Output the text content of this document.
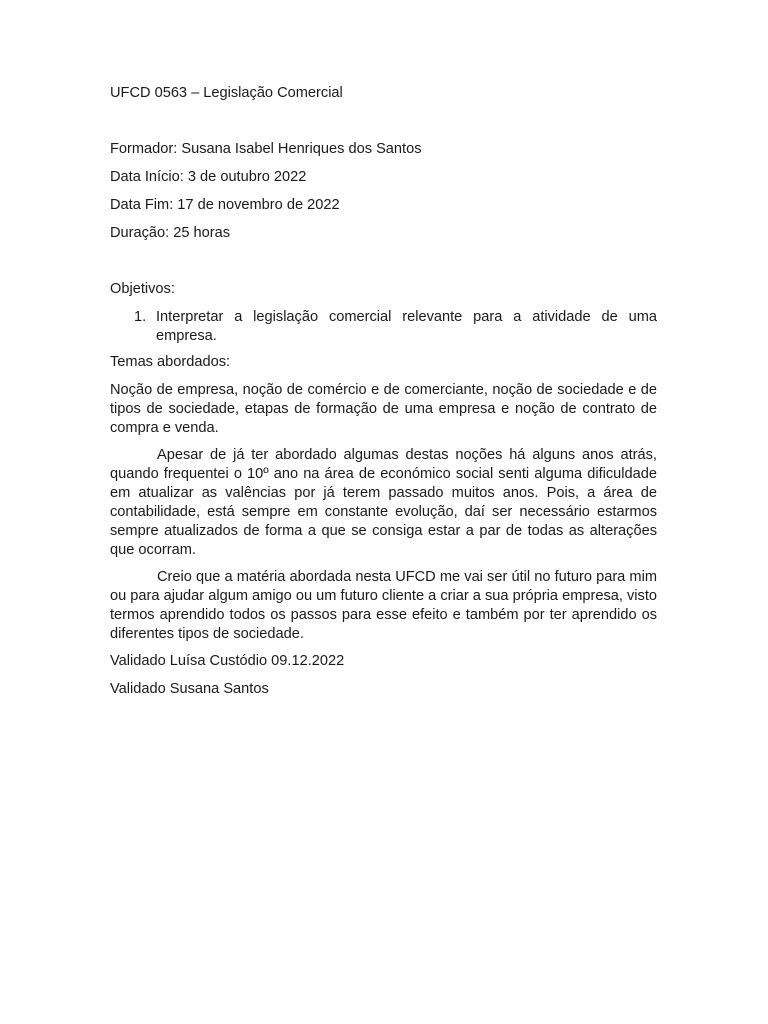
UFCD 0563 – Legislação Comercial

Formador: Susana Isabel Henriques dos Santos

Data Início: 3 de outubro 2022

Data Fim: 17 de novembro de 2022

Duração: 25 horas

Objetivos:

1. Interpretar a legislação comercial relevante para a atividade de uma empresa.

Temas abordados:

Noção de empresa, noção de comércio e de comerciante, noção de sociedade e de tipos de sociedade, etapas de formação de uma empresa e noção de contrato de compra e venda.

Apesar de já ter abordado algumas destas noções há alguns anos atrás, quando frequentei o 10º ano na área de económico social senti alguma dificuldade em atualizar as valências por já terem passado muitos anos. Pois, a área de contabilidade, está sempre em constante evolução, daí ser necessário estarmos sempre atualizados de forma a que se consiga estar a par de todas as alterações que ocorram.

Creio que a matéria abordada nesta UFCD me vai ser útil no futuro para mim ou para ajudar algum amigo ou um futuro cliente a criar a sua própria empresa, visto termos aprendido todos os passos para esse efeito e também por ter aprendido os diferentes tipos de sociedade.

Validado Luísa Custódio 09.12.2022

Validado Susana Santos
